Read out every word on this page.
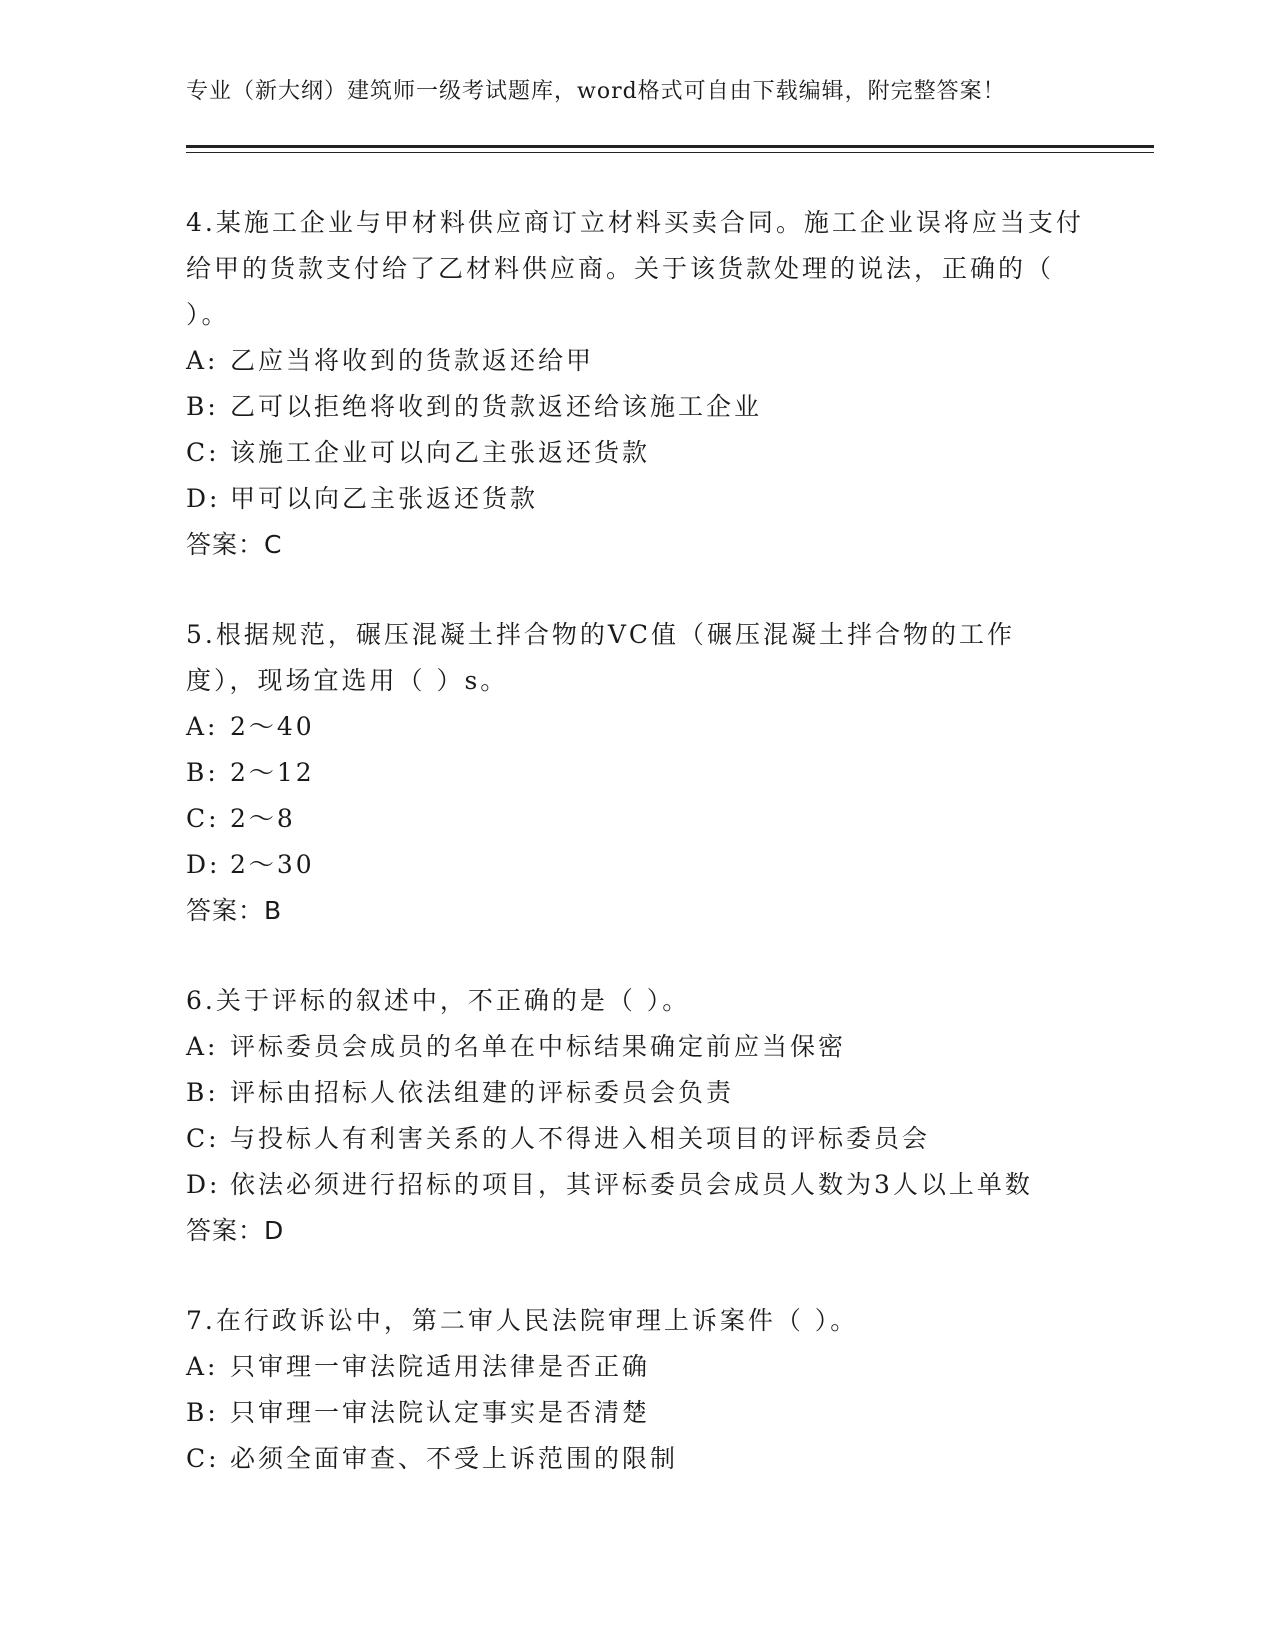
专业（新大纲）建筑师一级考试题库，word格式可自由下载编辑，附完整答案！

4.某施工企业与甲材料供应商订立材料买卖合同。施工企业误将应当支付给甲的货款支付给了乙材料供应商。关于该货款处理的说法，正确的（ ）。

A: 乙应当将收到的货款返还给甲

B: 乙可以拒绝将收到的货款返还给该施工企业

C: 该施工企业可以向乙主张返还货款

D: 甲可以向乙主张返还货款

答案：C

5.根据规范，碾压混凝土拌合物的VC值（碾压混凝土拌合物的工作度），现场宜选用（ ）s。

A: 2～40

B: 2～12

C: 2～8

D: 2～30

答案：B

6.关于评标的叙述中，不正确的是（ ）。

A: 评标委员会成员的名单在中标结果确定前应当保密

B: 评标由招标人依法组建的评标委员会负责

C: 与投标人有利害关系的人不得进入相关项目的评标委员会

D: 依法必须进行招标的项目，其评标委员会成员人数为3人以上单数

答案：D

7.在行政诉讼中，第二审人民法院审理上诉案件（ ）。

A: 只审理一审法院适用法律是否正确

B: 只审理一审法院认定事实是否清楚

C: 必须全面审查、不受上诉范围的限制
